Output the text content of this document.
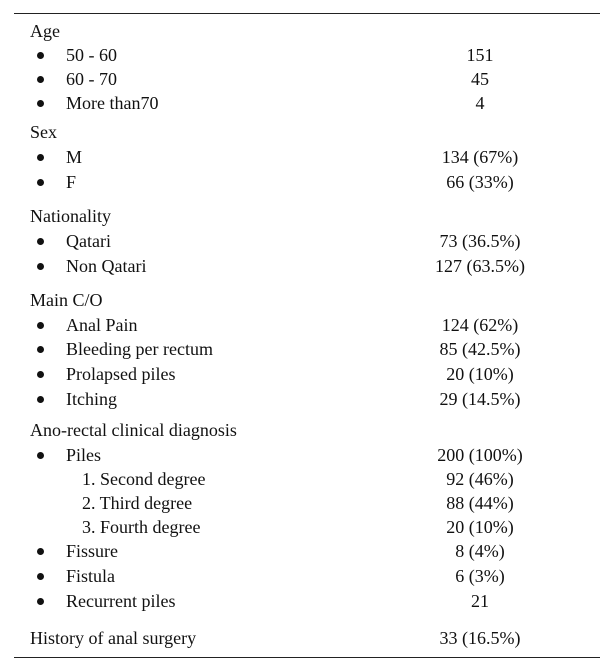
Age
50 - 60	151
60 - 70	45
More than70	4
Sex
M	134 (67%)
F	66 (33%)
Nationality
Qatari	73 (36.5%)
Non Qatari	127 (63.5%)
Main C/O
Anal Pain	124 (62%)
Bleeding per rectum	85 (42.5%)
Prolapsed piles	20 (10%)
Itching	29 (14.5%)
Ano-rectal clinical diagnosis
Piles	200 (100%)
1. Second degree	92 (46%)
2. Third degree	88 (44%)
3. Fourth degree	20 (10%)
Fissure	8 (4%)
Fistula	6 (3%)
Recurrent piles	21
History of anal surgery	33 (16.5%)
